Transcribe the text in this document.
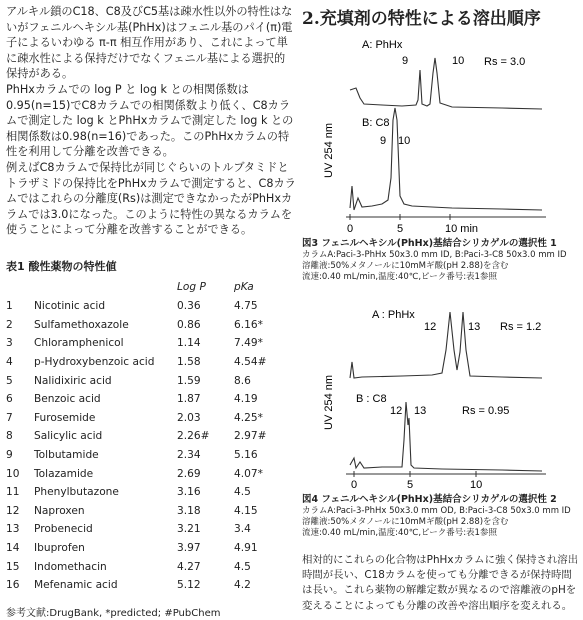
アルキル鎖のC18、C8及びC5基は疎水性以外の特性はないがフェニルヘキシル基(PhHx)はフェニル基のパイ(π)電子によるいわゆる π-π 相互作用があり、これによって単に疎水性による保持だけでなくフェニル基による選択的保持がある。

PhHxカラムでの log P と log k との相関係数は0.95(n=15)でC8カラムでの相関係数より低く、C8カラムで測定した log k とPhHxカラムで測定した log k との相関係数は0.98(n=16)であった。このPhHxカラムの特性を利用して分離を改善できる。

例えばC8カラムで保持比が同じぐらいのトルブタミドとトラザミドの保持比をPhHxカラムで測定すると、C8カラムではこれらの分離度(Rs)は測定できなかったがPhHxカラムでは3.0になった。このように特性の異なるカラムを使うことによって分離を改善することができる。

表1 酸性薬物の特性値
		Log P	pKa
1	Nicotinic acid	0.36	4.75
2	Sulfamethoxazole	0.86	6.16*
3	Chloramphenicol	1.14	7.49*
4	p-Hydroxybenzoic acid	1.58	4.54#
5	Nalidixiric acid	1.59	8.6
6	Benzoic acid	1.87	4.19
7	Furosemide	2.03	4.25*
8	Salicylic acid	2.26#	2.97#
9	Tolbutamide	2.34	5.16
10	Tolazamide	2.69	4.07*
11	Phenylbutazone	3.16	4.5
12	Naproxen	3.18	4.15
13	Probenecid	3.21	3.4
14	Ibuprofen	3.97	4.91
15	Indomethacin	4.27	4.5
16	Mefenamic acid	5.12	4.2
参考文献:DrugBank, *predicted; #PubChem
2.充填剤の特性による溶出順序
0	5	10 min
UV 254 nm
A: PhHx
9	10 Rs = 3.0
B: C8
9 10
図3 フェニルヘキシル(PhHx)基結合シリカゲルの選択性 1
カラムA:Paci-3-PhHx 50x3.0 mm ID, B:Paci-3-C8 50x3.0 mm ID
溶離液:50%メタノールに10mMギ酸(pH 2.88)を含む
流速:0.40 mL/min,温度:40℃,ピーク番号:表1参照
0	5	10
UV 254 nm
A : PhHx
12	13 Rs = 1.2
B : C8
12 13	Rs = 0.95
図4 フェニルヘキシル(PhHx)基結合シリカゲルの選択性 2
カラムA:Paci-3-PhHx 50x3.0 mm OD, B:Paci-3-C8 50x3.0 mm ID
溶離液:50%メタノールに10mMギ酸(pH 2.88)を含む
流速:0.40 mL/min,温度:40℃,ピーク番号:表1参照

相対的にこれらの化合物はPhHxカラムに強く保持され溶出時間が長い、C18カラムを使っても分離できるが保持時間は長い。これら薬物の解離定数が異なるので溶離液のpHを変えることによっても分離の改善や溶出順序を変えれる。
